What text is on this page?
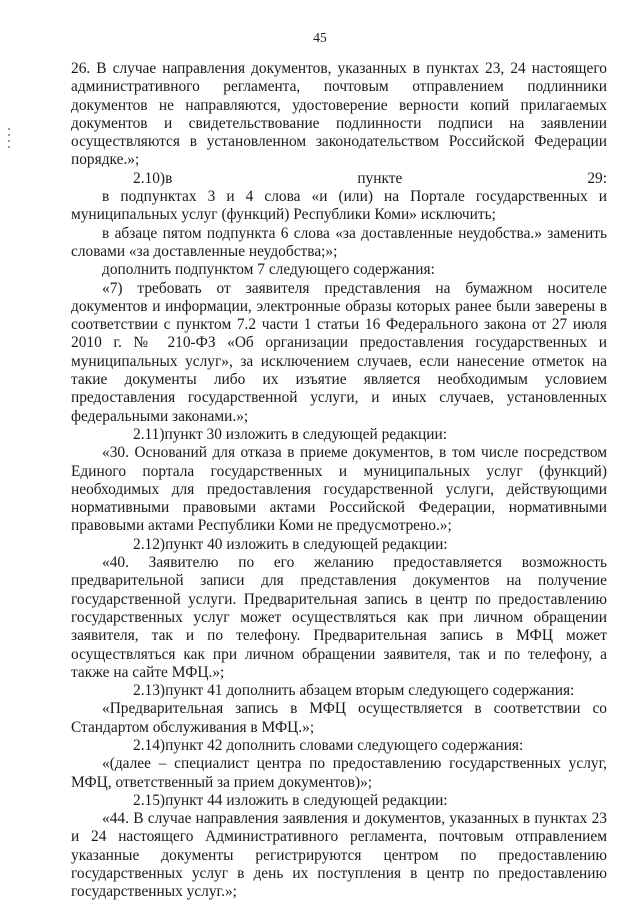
45

26. В случае направления документов, указанных в пунктах 23, 24 настоящего административного регламента, почтовым отправлением подлинники документов не направляются, удостоверение верности копий прилагаемых документов и свидетельствование подлинности подписи на заявлении осуществляются в установленном законодательством Российской Федерации порядке.»;

2.10)в пункте 29:

в подпунктах 3 и 4 слова «и (или) на Портале государственных и муниципальных услуг (функций) Республики Коми» исключить;

в абзаце пятом подпункта 6 слова «за доставленные неудобства.» заменить словами «за доставленные неудобства;»;

дополнить подпунктом 7 следующего содержания:

«7) требовать от заявителя представления на бумажном носителе документов и информации, электронные образы которых ранее были заверены в соответствии с пунктом 7.2 части 1 статьи 16 Федерального закона от 27 июля 2010 г. № 210-ФЗ «Об организации предоставления государственных и муниципальных услуг», за исключением случаев, если нанесение отметок на такие документы либо их изъятие является необходимым условием предоставления государственной услуги, и иных случаев, установленных федеральными законами.»;

2.11)пункт 30 изложить в следующей редакции:

«30. Оснований для отказа в приеме документов, в том числе посредством Единого портала государственных и муниципальных услуг (функций) необходимых для предоставления государственной услуги, действующими нормативными правовыми актами Российской Федерации, нормативными правовыми актами Республики Коми не предусмотрено.»;

2.12)пункт 40 изложить в следующей редакции:

«40. Заявителю по его желанию предоставляется возможность предварительной записи для представления документов на получение государственной услуги. Предварительная запись в центр по предоставлению государственных услуг может осуществляться как при личном обращении заявителя, так и по телефону. Предварительная запись в МФЦ может осуществляться как при личном обращении заявителя, так и по телефону, а также на сайте МФЦ.»;

2.13)пункт 41 дополнить абзацем вторым следующего содержания:

«Предварительная запись в МФЦ осуществляется в соответствии со Стандартом обслуживания в МФЦ.»;

2.14)пункт 42 дополнить словами следующего содержания:

«(далее – специалист центра по предоставлению государственных услуг, МФЦ, ответственный за прием документов)»;

2.15)пункт 44 изложить в следующей редакции:

«44. В случае направления заявления и документов, указанных в пунктах 23 и 24 настоящего Административного регламента, почтовым отправлением указанные документы регистрируются центром по предоставлению государственных услуг в день их поступления в центр по предоставлению государственных услуг.»;
